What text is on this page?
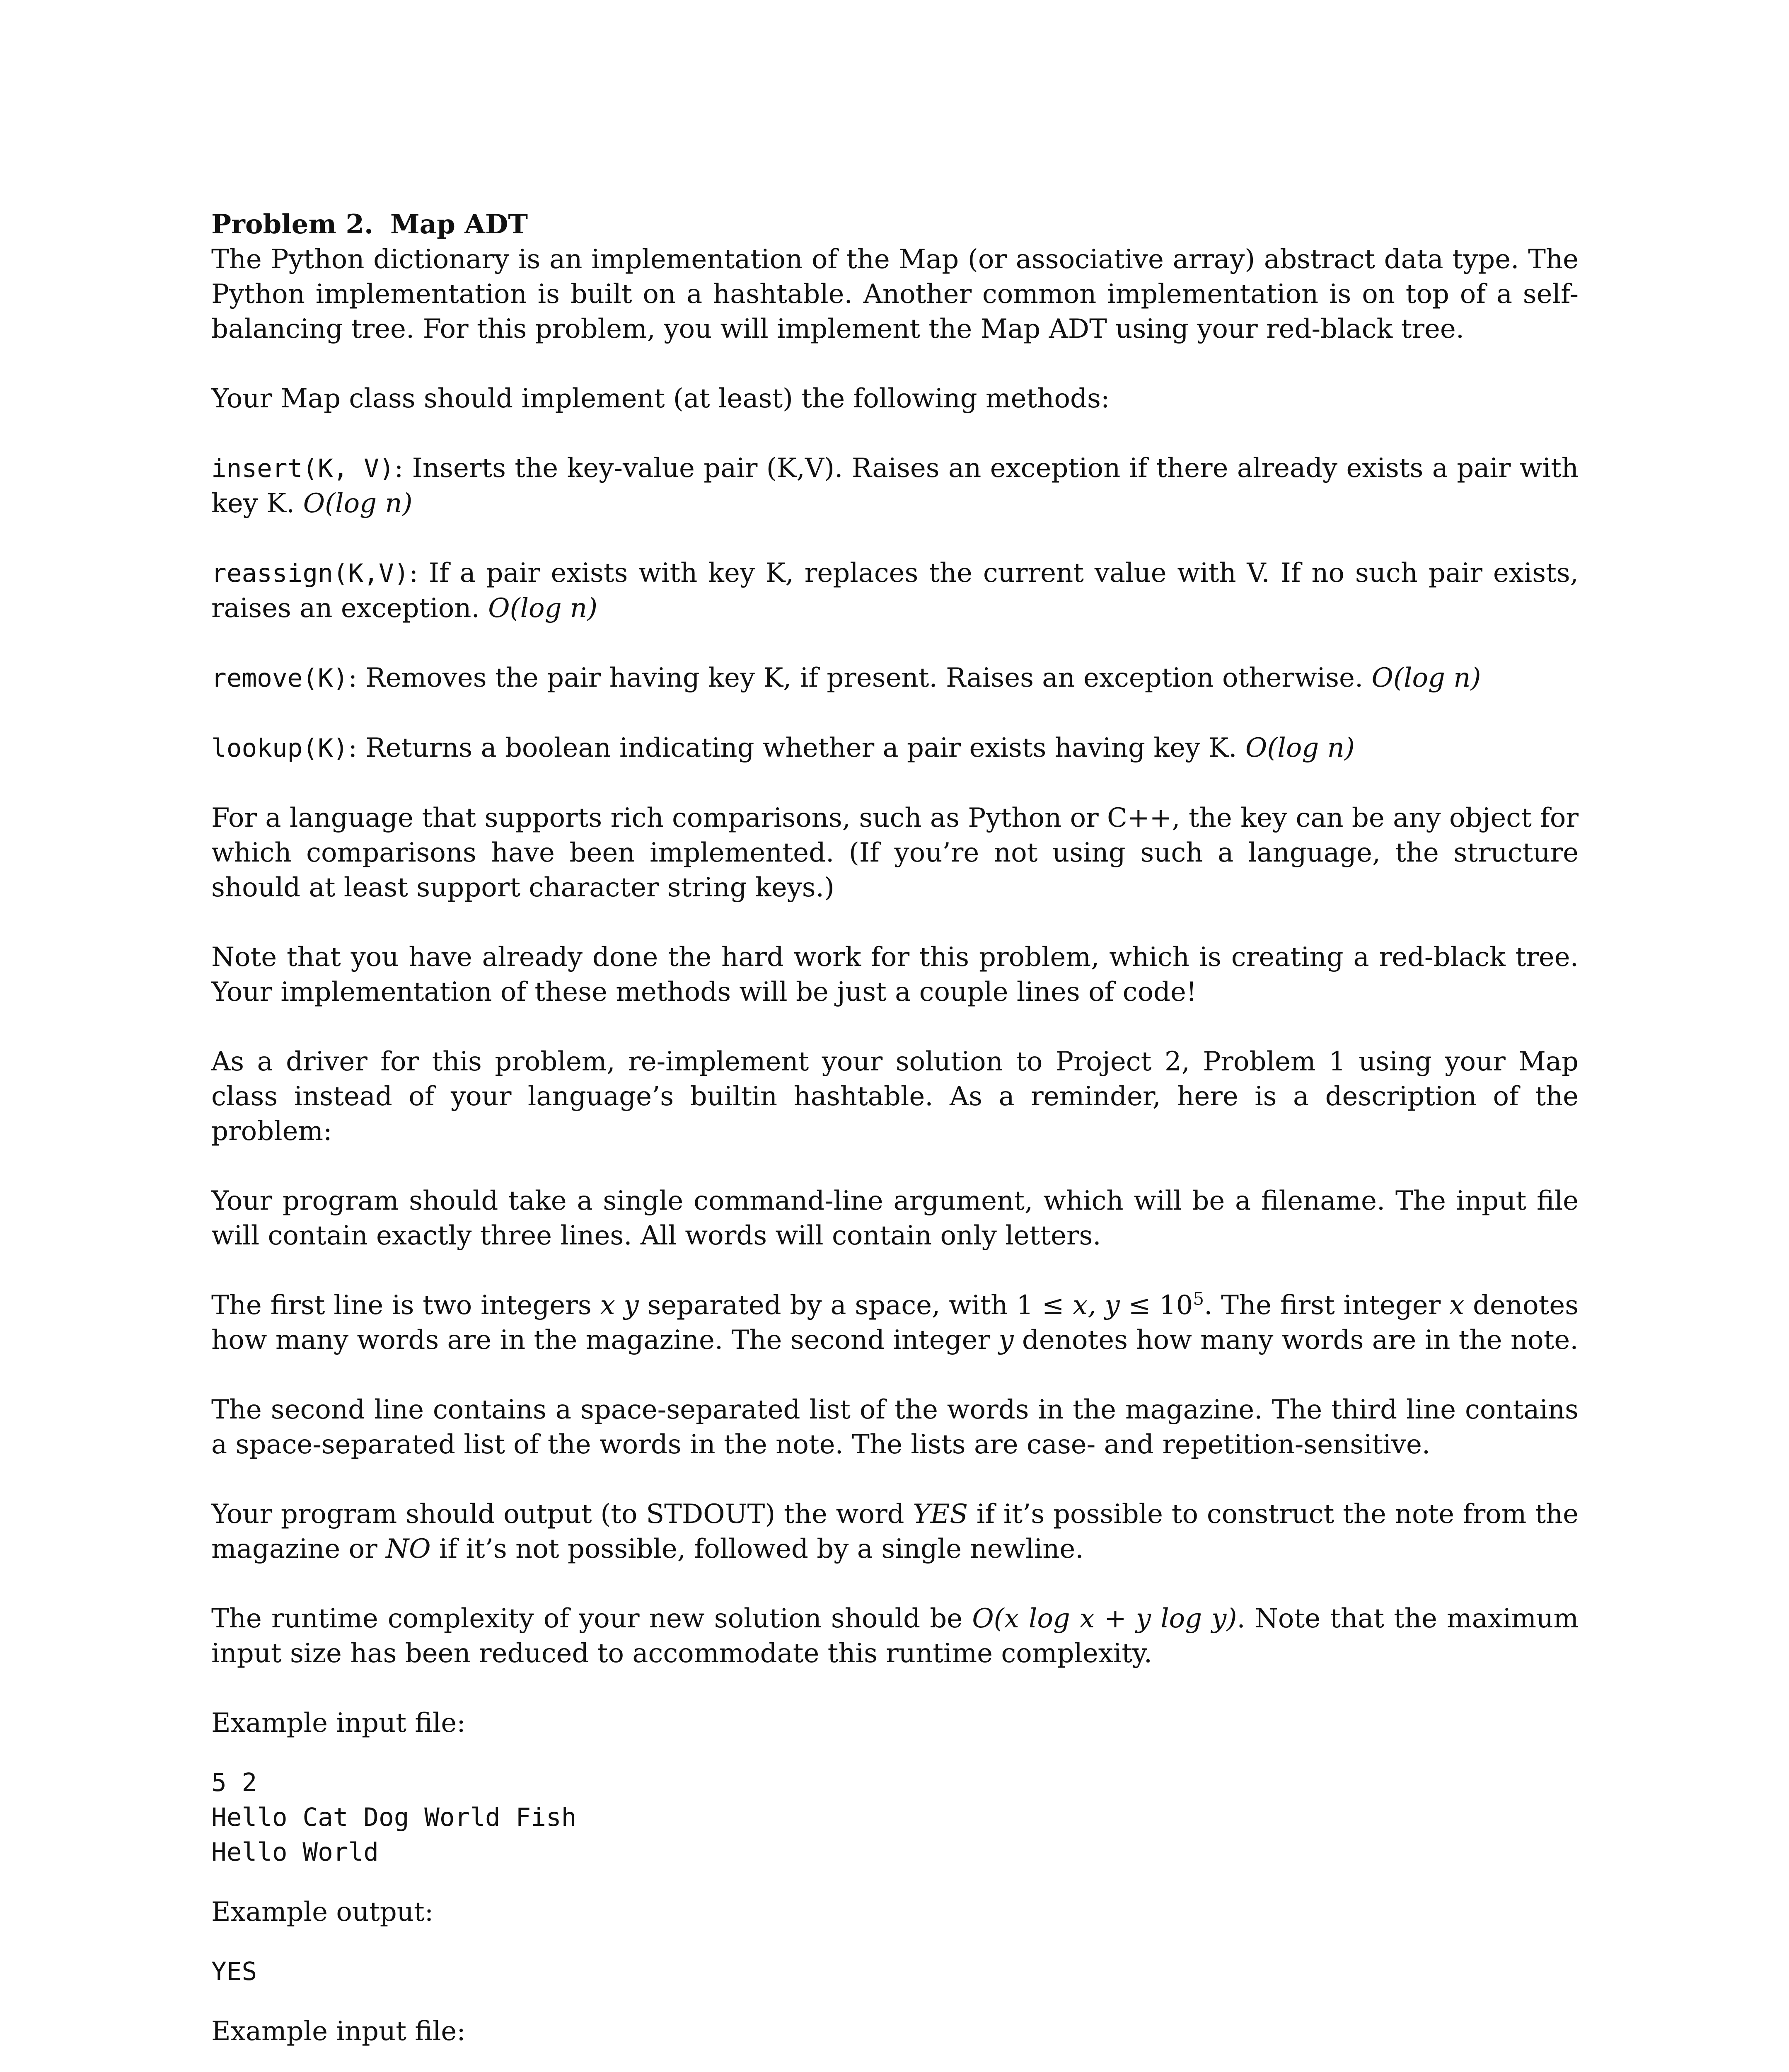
Problem 2. Map ADT
The Python dictionary is an implementation of the Map (or associative array) abstract data type. The Python implementation is built on a hashtable. Another common implementation is on top of a self-balancing tree. For this problem, you will implement the Map ADT using your red-black tree.

Your Map class should implement (at least) the following methods:

insert(K, V): Inserts the key-value pair (K,V). Raises an exception if there already exists a pair with key K. O(log n)

reassign(K,V): If a pair exists with key K, replaces the current value with V. If no such pair exists, raises an exception. O(log n)

remove(K): Removes the pair having key K, if present. Raises an exception otherwise. O(log n)

lookup(K): Returns a boolean indicating whether a pair exists having key K. O(log n)

For a language that supports rich comparisons, such as Python or C++, the key can be any object for which comparisons have been implemented. (If you’re not using such a language, the structure should at least support character string keys.)

Note that you have already done the hard work for this problem, which is creating a red-black tree. Your implementation of these methods will be just a couple lines of code!

As a driver for this problem, re-implement your solution to Project 2, Problem 1 using your Map class instead of your language’s builtin hashtable. As a reminder, here is a description of the problem:

Your program should take a single command-line argument, which will be a filename. The input file will contain exactly three lines. All words will contain only letters.

The first line is two integers x y separated by a space, with 1 ≤ x, $y \le 10^5$. The first integer x denotes how many words are in the magazine. The second integer y denotes how many words are in the note.

The second line contains a space-separated list of the words in the magazine. The third line contains a space-separated list of the words in the note. The lists are case- and repetition-sensitive.

Your program should output (to STDOUT) the word YES if it’s possible to construct the note from the magazine or NO if it’s not possible, followed by a single newline.

The runtime complexity of your new solution should be O(x log x + y log y). Note that the maximum input size has been reduced to accommodate this runtime complexity.

Example input file:

5 2
Hello Cat Dog World Fish
Hello World

Example output:

YES

Example input file:
